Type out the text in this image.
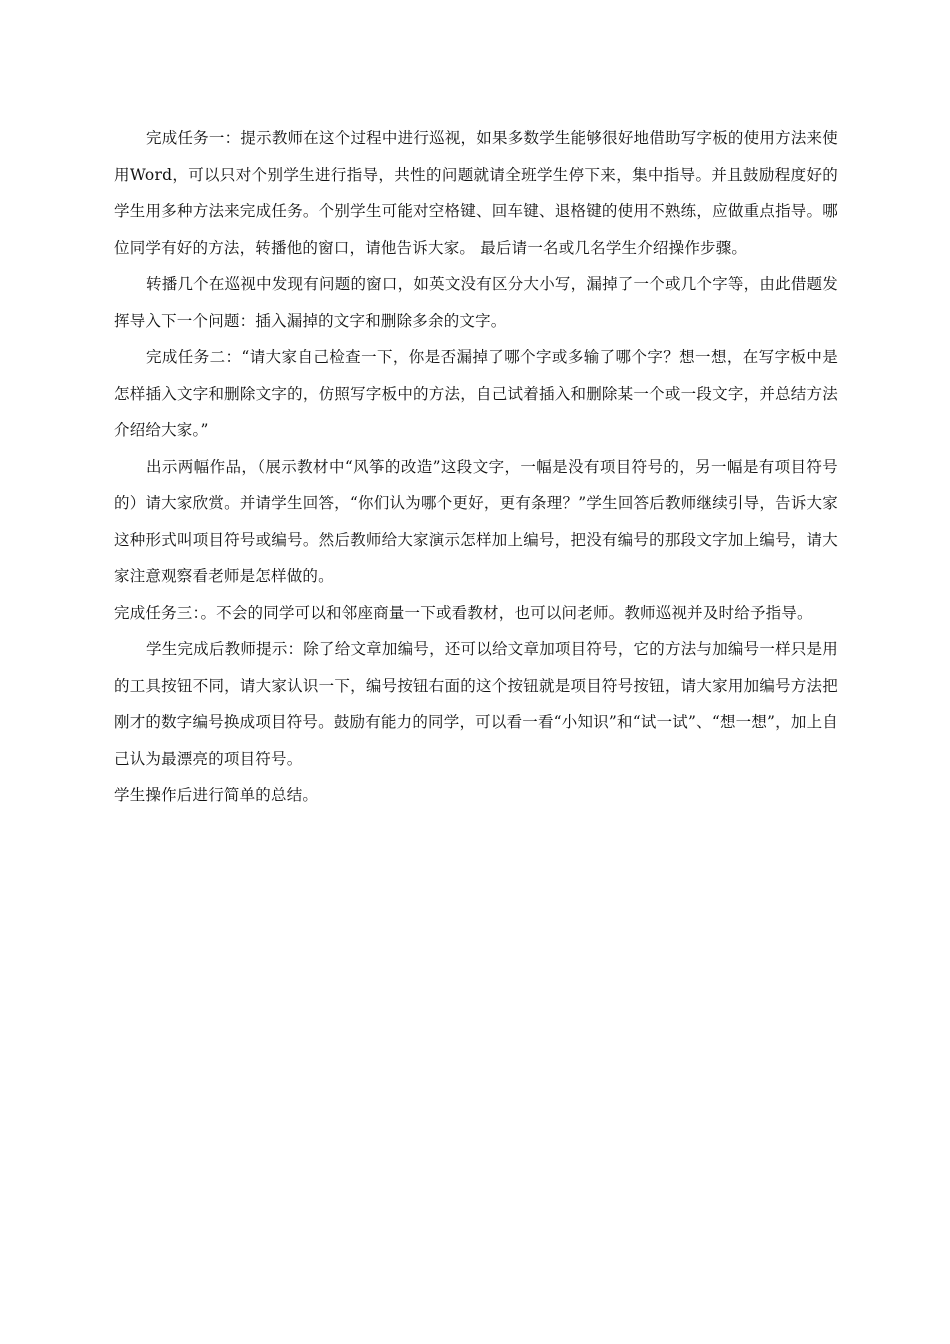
完成任务一：提示教师在这个过程中进行巡视，如果多数学生能够很好地借助写字板的使用方法来使用Word，可以只对个别学生进行指导，共性的问题就请全班学生停下来，集中指导。并且鼓励程度好的学生用多种方法来完成任务。个别学生可能对空格键、回车键、退格键的使用不熟练，应做重点指导。哪位同学有好的方法，转播他的窗口，请他告诉大家。 最后请一名或几名学生介绍操作步骤。

转播几个在巡视中发现有问题的窗口，如英文没有区分大小写，漏掉了一个或几个字等，由此借题发挥导入下一个问题：插入漏掉的文字和删除多余的文字。

完成任务二：“请大家自己检查一下，你是否漏掉了哪个字或多输了哪个字？想一想，在写字板中是怎样插入文字和删除文字的，仿照写字板中的方法，自己试着插入和删除某一个或一段文字，并总结方法介绍给大家。”

出示两幅作品，（展示教材中“风筝的改造”这段文字，一幅是没有项目符号的，另一幅是有项目符号的）请大家欣赏。并请学生回答，“你们认为哪个更好，更有条理？”学生回答后教师继续引导，告诉大家这种形式叫项目符号或编号。然后教师给大家演示怎样加上编号，把没有编号的那段文字加上编号，请大家注意观察看老师是怎样做的。

完成任务三：。不会的同学可以和邻座商量一下或看教材，也可以问老师。教师巡视并及时给予指导。

学生完成后教师提示：除了给文章加编号，还可以给文章加项目符号，它的方法与加编号一样只是用的工具按钮不同，请大家认识一下，编号按钮右面的这个按钮就是项目符号按钮，请大家用加编号方法把刚才的数字编号换成项目符号。鼓励有能力的同学，可以看一看“小知识”和“试一试”、“想一想”，加上自己认为最漂亮的项目符号。

学生操作后进行简单的总结。
